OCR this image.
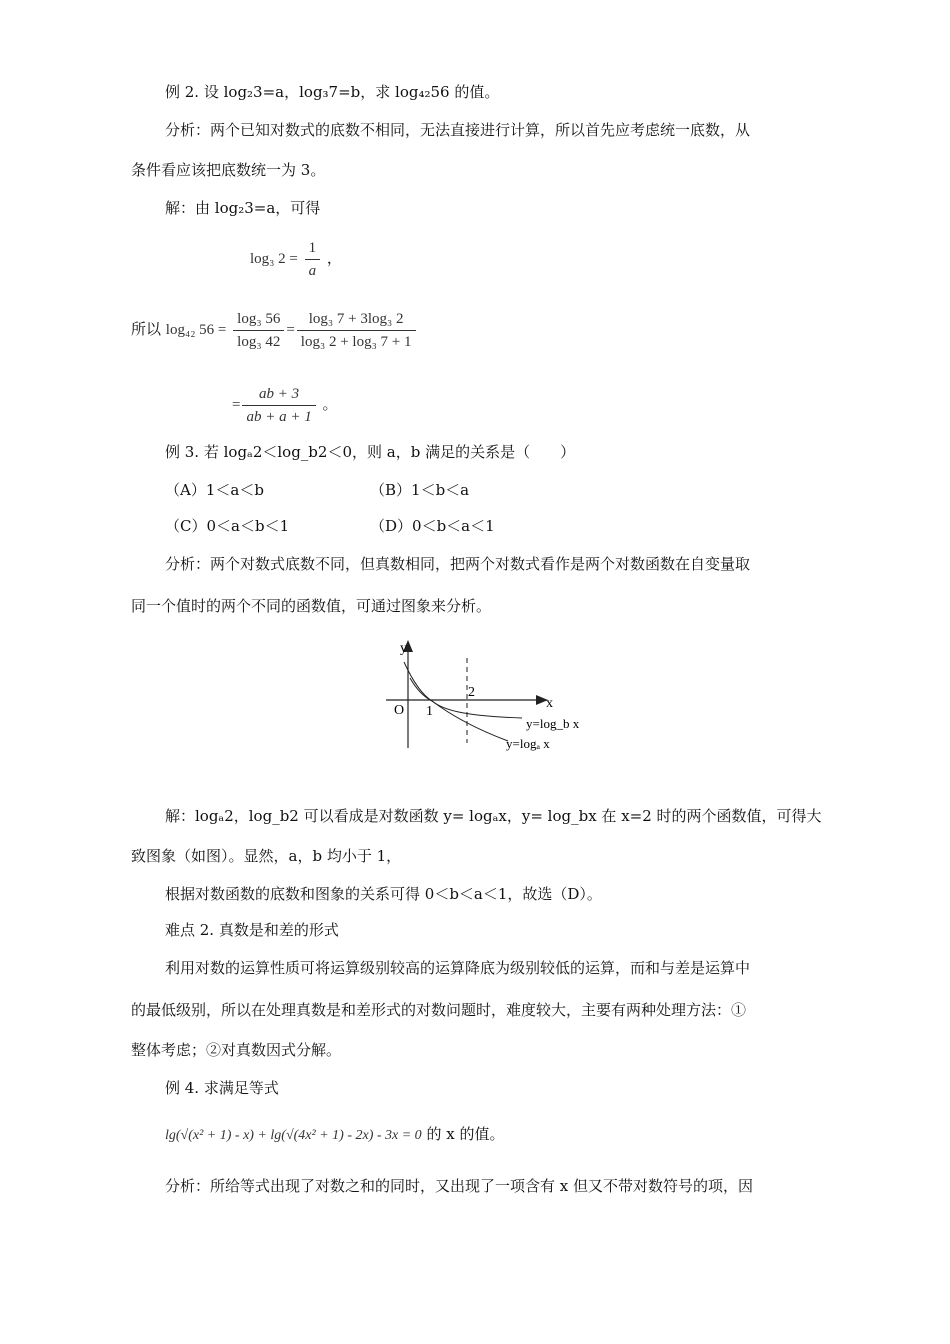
例 2. 设 log₂3=a，log₃7=b，求 log₄₂56 的值。
分析：两个已知对数式的底数不相同，无法直接进行计算，所以首先应考虑统一底数，从
条件看应该把底数统一为 3。
解：由 log₂3=a，可得
log₃ $2 = \frac{1}{a}$ ，
所以 log₄₂ $56 = \frac{\text{log₃ 56}}{\text{log₃ 42}} = \frac{\text{log₃ 7 + 3log₃ 2}}{\text{log₃ 2 + log₃ 7 + 1}}$
= $\frac{ab + 3}{ab + a + 1}$ 。
例 3. 若 logₐ2＜log_b2＜0，则 a，b 满足的关系是（　　）
（A）1＜a＜b	（B）1＜b＜a
（C）0＜a＜b＜1	（D）0＜b＜a＜1
分析：两个对数式底数不同，但真数相同，把两个对数式看作是两个对数函数在自变量取
同一个值时的两个不同的函数值，可通过图象来分析。
y
x
O 1
2
y=log_b x
y=logₐ x
解：logₐ2，log_b2 可以看成是对数函数 y= logₐx，y= log_bx 在 x=2 时的两个函数值，可得大
致图象（如图）。显然，a，b 均小于 1，
根据对数函数的底数和图象的关系可得 0＜b＜a＜1，故选（D）。
难点 2. 真数是和差的形式
利用对数的运算性质可将运算级别较高的运算降底为级别较低的运算，而和与差是运算中
的最低级别，所以在处理真数是和差形式的对数问题时，难度较大，主要有两种处理方法：①
整体考虑；②对真数因式分解。
例 4. 求满足等式
lg(√(x² + 1) - x) + lg(√(4x² + 1) - 2x) - 3x = 0 的 x 的值。
分析：所给等式出现了对数之和的同时，又出现了一项含有 x 但又不带对数符号的项，因
